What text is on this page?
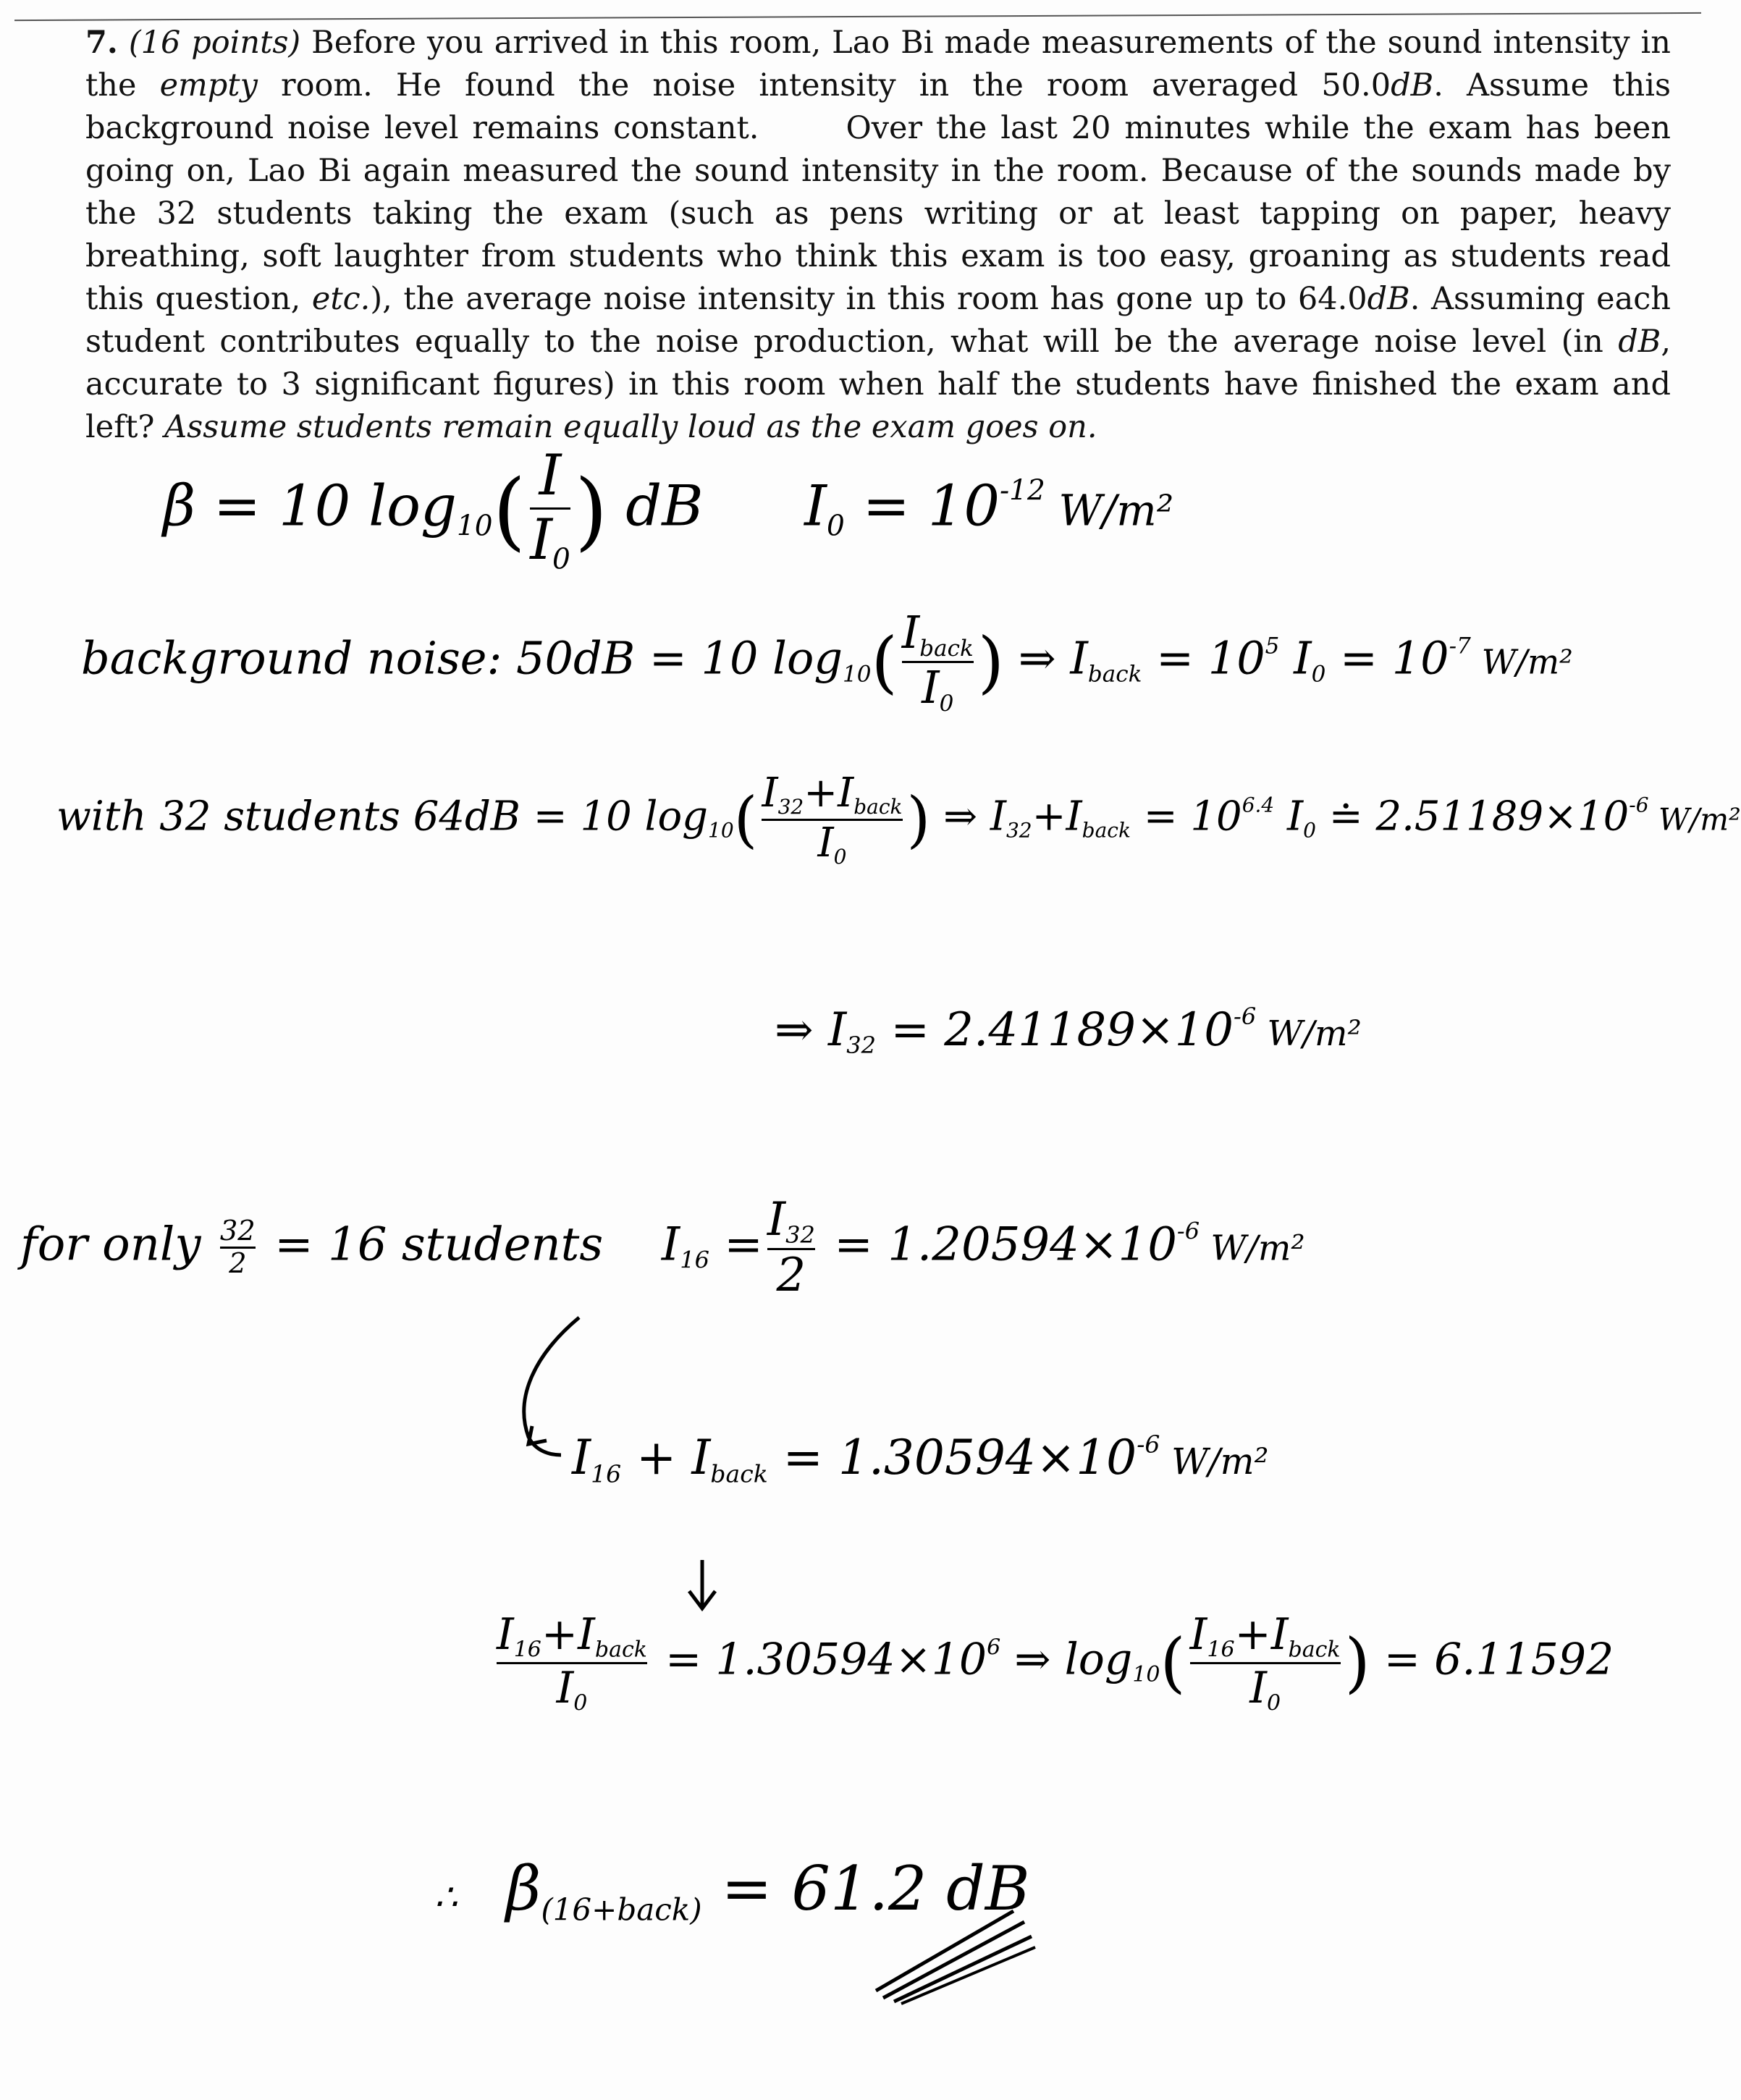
7. (16 points) Before you arrived in this room, Lao Bi made measurements of the sound intensity in the empty room. He found the noise intensity in the room averaged 50.0dB. Assume this background noise level remains constant.	Over the last 20 minutes while the exam has been going on, Lao Bi again measured the sound intensity in the room. Because of the sounds made by the 32 students taking the exam (such as pens writing or at least tapping on paper, heavy breathing, soft laughter from students who think this exam is too easy, groaning as students read this question, etc.), the average noise intensity in this room has gone up to 64.0dB. Assuming each student contributes equally to the noise production, what will be the average noise level (in dB, accurate to 3 significant figures) in this room when half the students have finished the exam and left? Assume students remain equally loud as the exam goes on.
β = 10 $\log_{10}( \frac{I}{I_0}$ ) dB $I_0 = 10^{-12}$ W/m²
background noise: 50dB = 10 $\log_{10}( \frac{I_{back}}{I_0}$ ) ⇒ $I_{back} = 10^5$ $I_0 = 10^{-7}$ W/m²
with 32 students 64dB = 10 $\log_{10}( \frac{I_{32}+I_{back}}{I_0}$ ) ⇒ $I_{32}+I_{back} = 10^{6.4}$ $I_0$ ≐ $2.51189\times 10^{-6}$ W/m²
⇒ $I_{32} = 2.41189\times 10^{-6}$ W/m²
for only $\frac{32}{2} = 16$ students $I_{16} = \frac{I_{32}}{2} = 1.20594\times 10^{-6}$ W/m²
$I_{16} + I_{back} = 1.30594\times 10^{-6}$ W/m²
$\frac{I_{16}+I_{back}}{I_0} = 1.30594\times 10^6$ ⇒ $\log_{10}( \frac{I_{16}+I_{back}}{I_0}$ ) = 6.11592
∴ $\beta_{(16+back)} = 61.2$ dB
